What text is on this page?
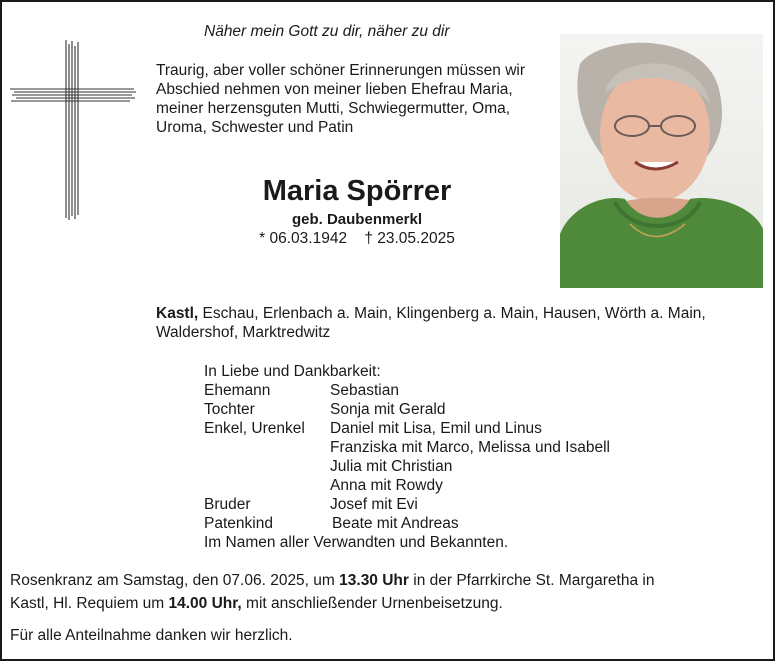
Näher mein Gott zu dir, näher zu dir
Traurig, aber voller schöner Erinnerungen müssen wir
Abschied nehmen von meiner lieben Ehefrau Maria,
meiner herzensguten Mutti, Schwiegermutter, Oma,
Uroma, Schwester und Patin
Maria Spörrer
geb. Daubenmerkl
* 06.03.1942 † 23.05.2025
Kastl, Eschau, Erlenbach a. Main, Klingenberg a. Main, Hausen, Wörth a. Main,
Waldershof, Marktredwitz
In Liebe und Dankbarkeit:
Ehemann	Sebastian
Tochter	Sonja mit Gerald
Enkel, Urenkel	Daniel mit Lisa, Emil und Linus
Franziska mit Marco, Melissa und Isabell
Julia mit Christian
Anna mit Rowdy
Bruder	Josef mit Evi
Patenkind	Beate mit Andreas
Im Namen aller Verwandten und Bekannten.
Rosenkranz am Samstag, den 07.06. 2025, um 13.30 Uhr in der Pfarrkirche St. Margaretha in
Kastl, Hl. Requiem um 14.00 Uhr, mit anschließender Urnenbeisetzung.
Für alle Anteilnahme danken wir herzlich.
